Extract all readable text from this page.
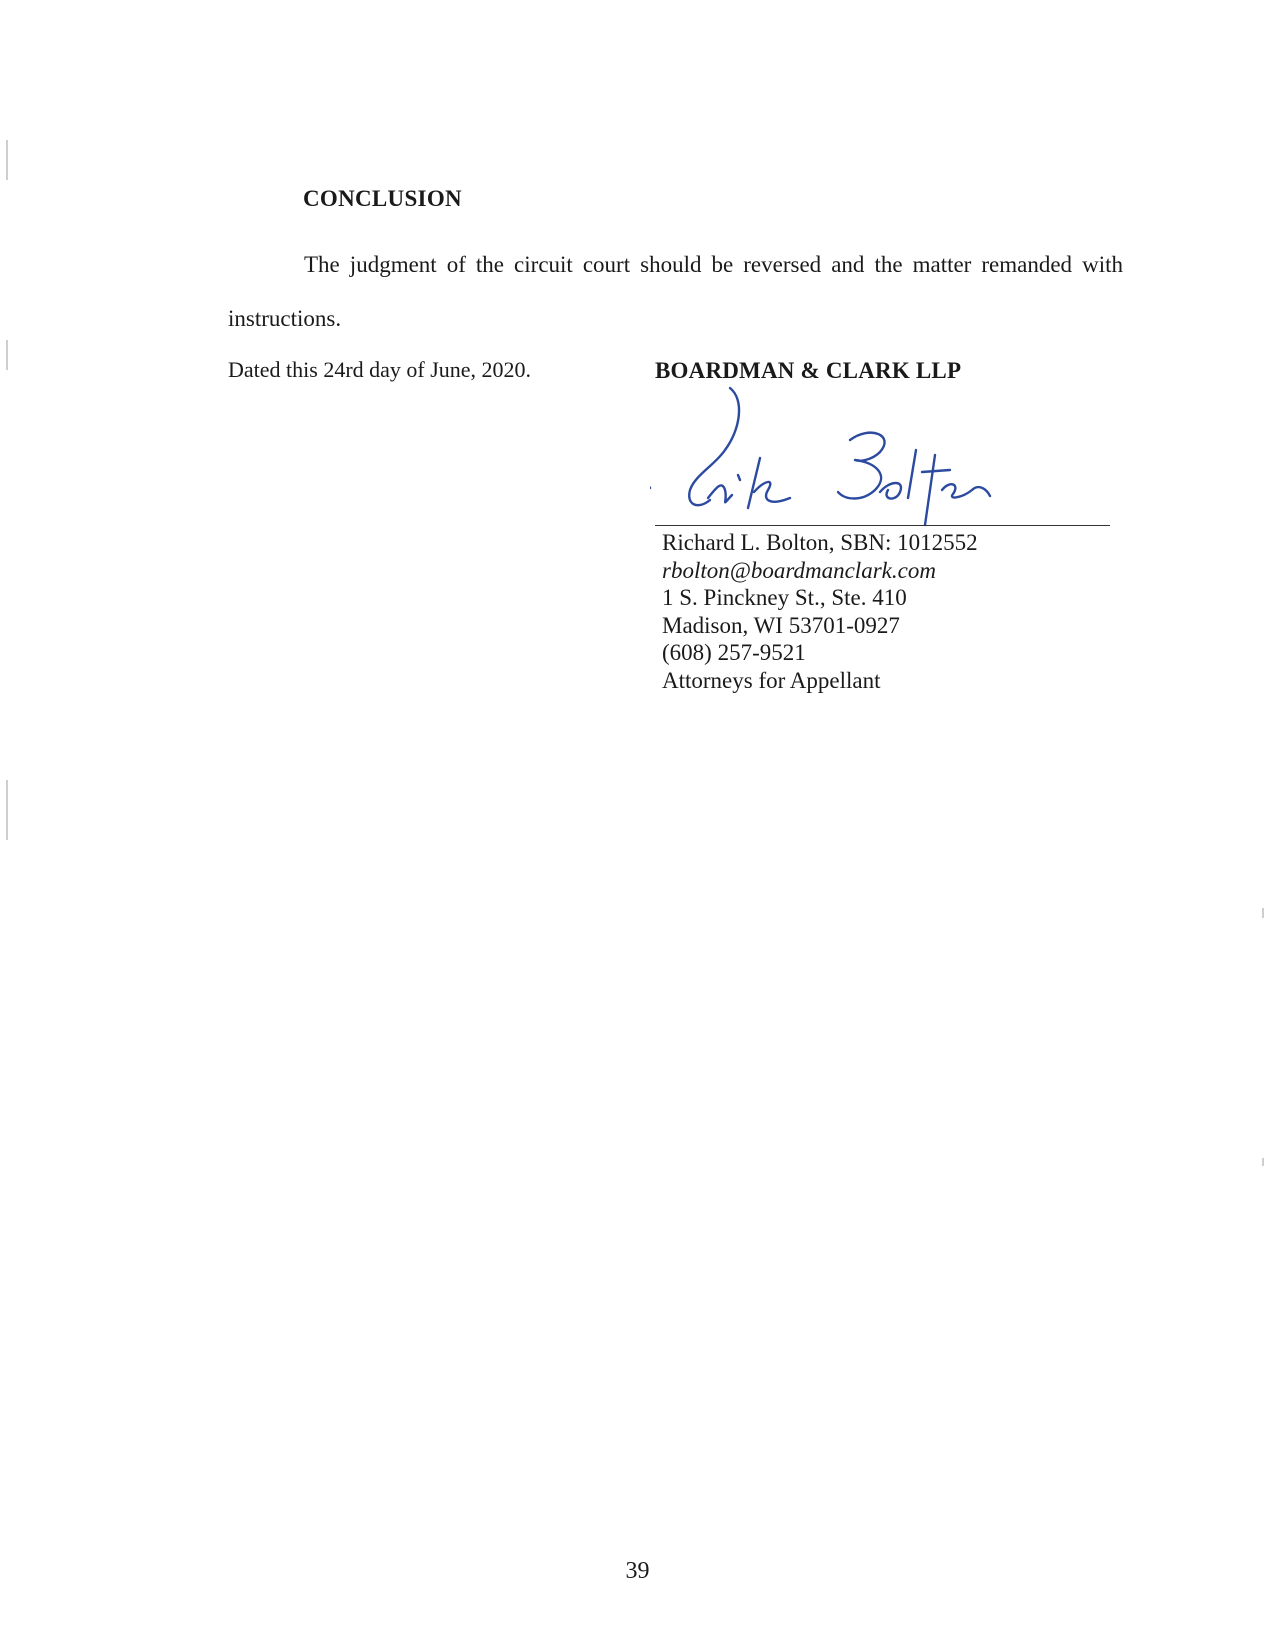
CONCLUSION
The judgment of the circuit court should be reversed and the matter remanded with instructions.
Dated this 24rd day of June, 2020.	BOARDMAN & CLARK LLP
Rick Bolton
Richard L. Bolton, SBN: 1012552
rbolton@boardmanclark.com
1 S. Pinckney St., Ste. 410
Madison, WI 53701-0927
(608) 257-9521
Attorneys for Appellant
39
